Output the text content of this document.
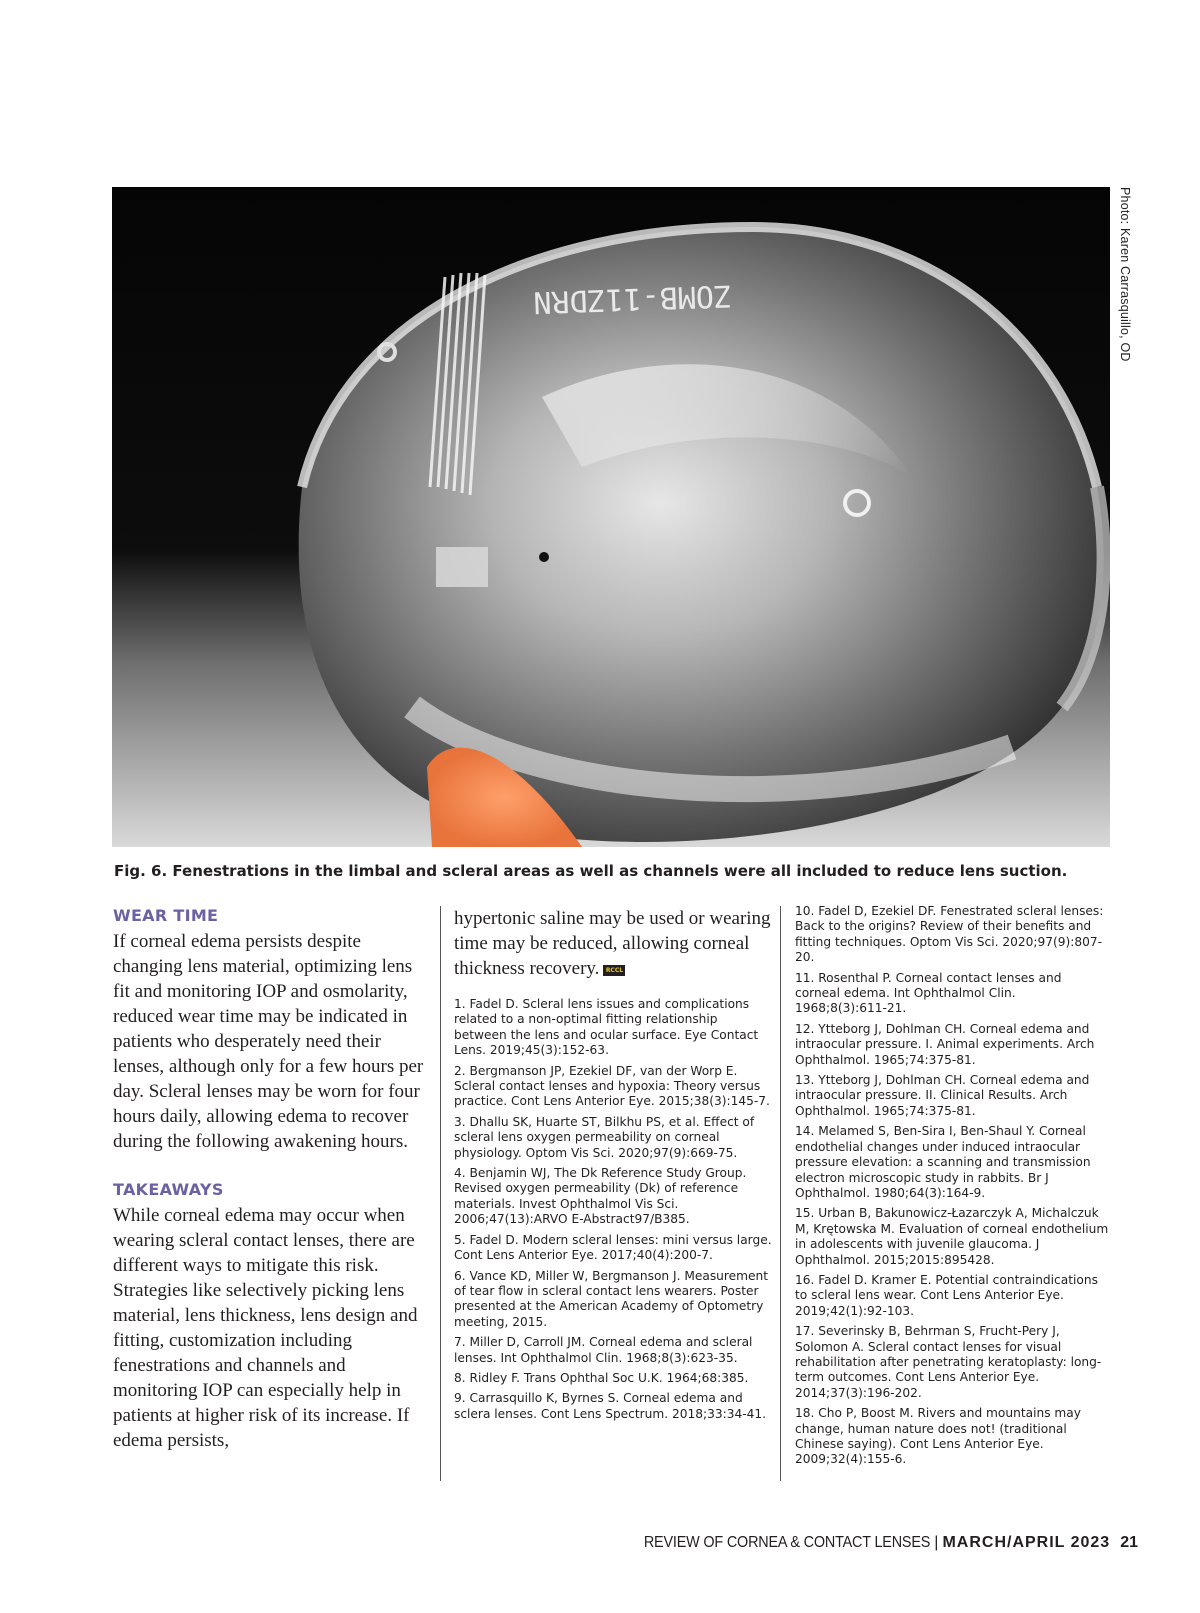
ZOMB-11ZDRN	Photo: Karen Carrasquillo, OD
Fig. 6. Fenestrations in the limbal and scleral areas as well as channels were all included to reduce lens suction.
WEAR TIME

If corneal edema persists despite changing lens material, optimizing lens fit and monitoring IOP and osmolarity, reduced wear time may be indicated in patients who desperately need their lenses, although only for a few hours per day. Scleral lenses may be worn for four hours daily, allowing edema to recover during the following awakening hours.

TAKEAWAYS

While corneal edema may occur when wearing scleral contact lenses, there are different ways to mitigate this risk. Strategies like selectively picking lens material, lens thickness, lens design and fitting, customization including fenestrations and channels and monitoring IOP can especially help in patients at higher risk of its increase. If edema persists,

hypertonic saline may be used or wearing time may be reduced, allowing corneal thickness recovery. RCCL

1. Fadel D. Scleral lens issues and complications related to a non-optimal fitting relationship between the lens and ocular surface. Eye Contact Lens. 2019;45(3):152-63.

2. Bergmanson JP, Ezekiel DF, van der Worp E. Scleral contact lenses and hypoxia: Theory versus practice. Cont Lens Anterior Eye. 2015;38(3):145-7.

3. Dhallu SK, Huarte ST, Bilkhu PS, et al. Effect of scleral lens oxygen permeability on corneal physiology. Optom Vis Sci. 2020;97(9):669-75.

4. Benjamin WJ, The Dk Reference Study Group. Revised oxygen permeability (Dk) of reference materials. Invest Ophthalmol Vis Sci. 2006;47(13):ARVO E-Abstract97/B385.

5. Fadel D. Modern scleral lenses: mini versus large. Cont Lens Anterior Eye. 2017;40(4):200-7.

6. Vance KD, Miller W, Bergmanson J. Measurement of tear flow in scleral contact lens wearers. Poster presented at the American Academy of Optometry meeting, 2015.

7. Miller D, Carroll JM. Corneal edema and scleral lenses. Int Ophthalmol Clin. 1968;8(3):623-35.

8. Ridley F. Trans Ophthal Soc U.K. 1964;68:385.

9. Carrasquillo K, Byrnes S. Corneal edema and sclera lenses. Cont Lens Spectrum. 2018;33:34-41.

10. Fadel D, Ezekiel DF. Fenestrated scleral lenses: Back to the origins? Review of their benefits and fitting techniques. Optom Vis Sci. 2020;97(9):807-20.

11. Rosenthal P. Corneal contact lenses and corneal edema. Int Ophthalmol Clin. 1968;8(3):611-21.

12. Ytteborg J, Dohlman CH. Corneal edema and intraocular pressure. I. Animal experiments. Arch Ophthalmol. 1965;74:375-81.

13. Ytteborg J, Dohlman CH. Corneal edema and intraocular pressure. II. Clinical Results. Arch Ophthalmol. 1965;74:375-81.

14. Melamed S, Ben-Sira I, Ben-Shaul Y. Corneal endothelial changes under induced intraocular pressure elevation: a scanning and transmission electron microscopic study in rabbits. Br J Ophthalmol. 1980;64(3):164-9.

15. Urban B, Bakunowicz-Łazarczyk A, Michalczuk M, Krętowska M. Evaluation of corneal endothelium in adolescents with juvenile glaucoma. J Ophthalmol. 2015;2015:895428.

16. Fadel D. Kramer E. Potential contraindications to scleral lens wear. Cont Lens Anterior Eye. 2019;42(1):92-103.

17. Severinsky B, Behrman S, Frucht-Pery J, Solomon A. Scleral contact lenses for visual rehabilitation after penetrating keratoplasty: long-term outcomes. Cont Lens Anterior Eye. 2014;37(3):196-202.

18. Cho P, Boost M. Rivers and mountains may change, human nature does not! (traditional Chinese saying). Cont Lens Anterior Eye. 2009;32(4):155-6.

REVIEW OF CORNEA & CONTACT LENSES | MARCH/APRIL 2023 21
